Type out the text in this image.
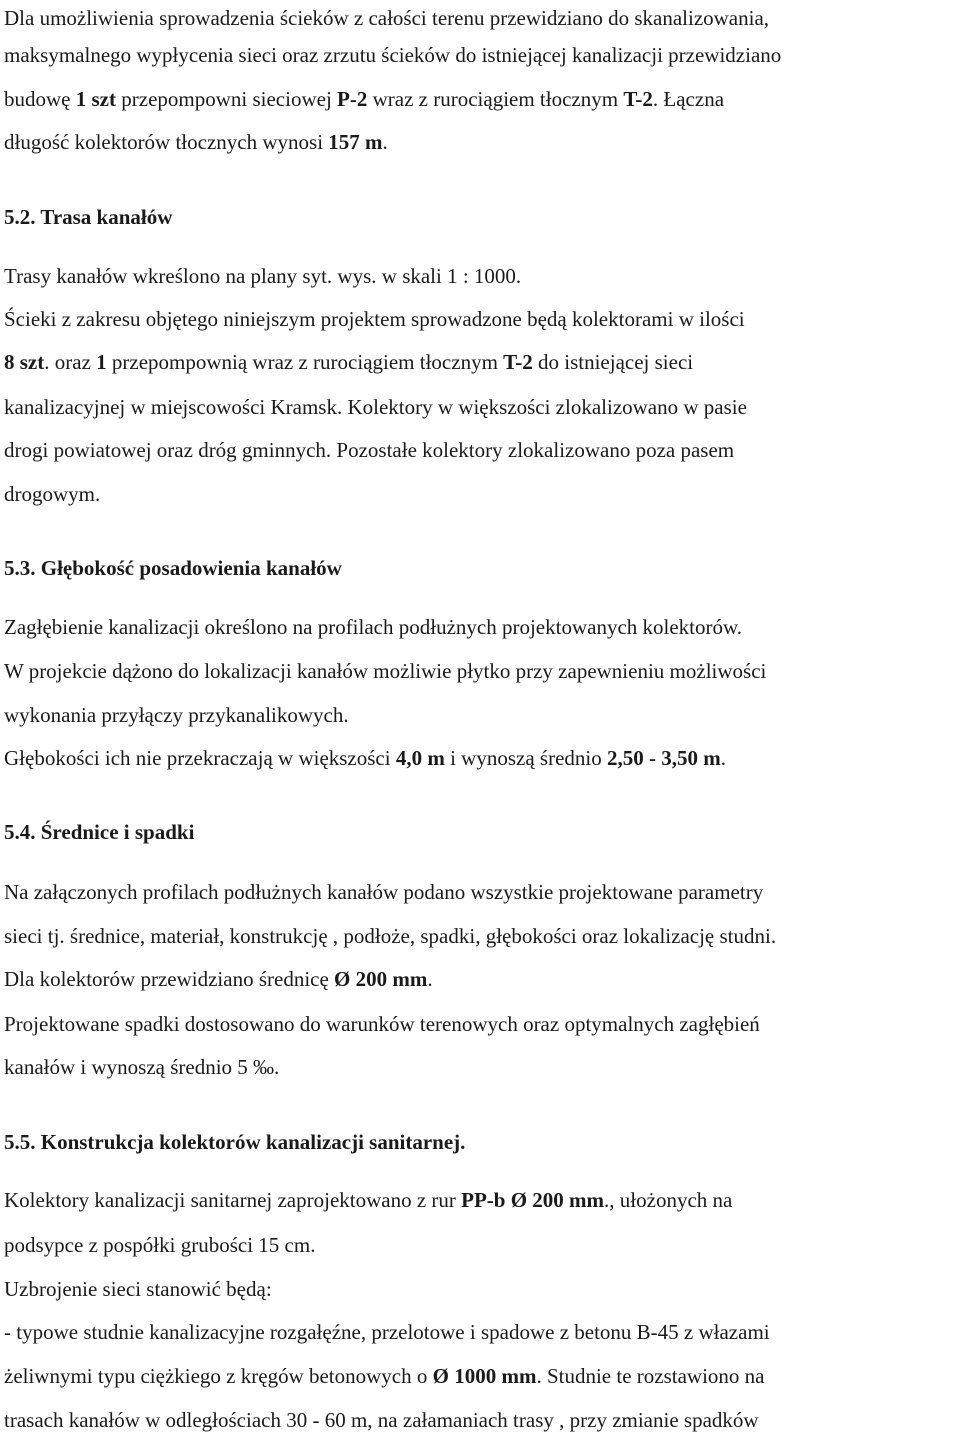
Dla umożliwienia sprowadzenia ścieków z całości terenu przewidziano do skanalizowania,
maksymalnego wypłycenia sieci oraz zrzutu ścieków do istniejącej kanalizacji przewidziano
budowę 1 szt przepompowni sieciowej P-2 wraz z rurociągiem tłocznym T-2. Łączna
długość kolektorów tłocznych wynosi 157 m.
5.2. Trasa kanałów
Trasy kanałów wkreślono na plany syt. wys. w skali 1 : 1000.
Ścieki z zakresu objętego niniejszym projektem sprowadzone będą kolektorami w ilości
8 szt. oraz 1 przepompownią wraz z rurociągiem tłocznym T-2 do istniejącej sieci
kanalizacyjnej w miejscowości Kramsk. Kolektory w większości zlokalizowano w pasie
drogi powiatowej oraz dróg gminnych. Pozostałe kolektory zlokalizowano poza pasem
drogowym.
5.3. Głębokość posadowienia kanałów
Zagłębienie kanalizacji określono na profilach podłużnych projektowanych kolektorów.
W projekcie dążono do lokalizacji kanałów możliwie płytko przy zapewnieniu możliwości
wykonania przyłączy przykanalikowych.
Głębokości ich nie przekraczają w większości 4,0 m i wynoszą średnio 2,50 - 3,50 m.
5.4. Średnice i spadki
Na załączonych profilach podłużnych kanałów podano wszystkie projektowane parametry
sieci tj. średnice, materiał, konstrukcję , podłoże, spadki, głębokości oraz lokalizację studni.
Dla kolektorów przewidziano średnicę Ø 200 mm.
Projektowane spadki dostosowano do warunków terenowych oraz optymalnych zagłębień
kanałów i wynoszą średnio 5 ‰.
5.5. Konstrukcja kolektorów kanalizacji sanitarnej.
Kolektory kanalizacji sanitarnej zaprojektowano z rur PP-b Ø 200 mm., ułożonych na
podsypce z pospółki grubości 15 cm.
Uzbrojenie sieci stanowić będą:
- typowe studnie kanalizacyjne rozgałęźne, przelotowe i spadowe z betonu B-45 z włazami
żeliwnymi typu ciężkiego z kręgów betonowych o Ø 1000 mm. Studnie te rozstawiono na
trasach kanałów w odległościach 30 - 60 m, na załamaniach trasy , przy zmianie spadków
